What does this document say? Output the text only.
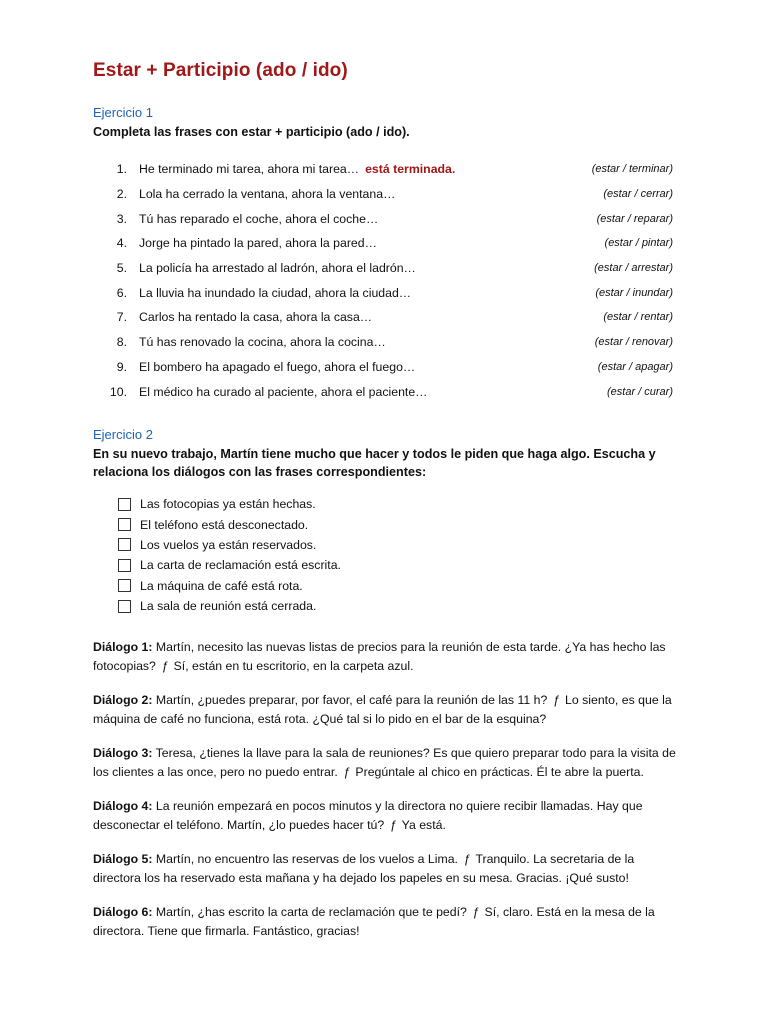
Estar + Participio (ado / ido)
Ejercicio 1
Completa las frases con estar + participio (ado / ido).
1. He terminado mi tarea, ahora mi tarea… está terminada.	(estar / terminar)
2. Lola ha cerrado la ventana, ahora la ventana…	(estar / cerrar)
3. Tú has reparado el coche, ahora el coche…	(estar / reparar)
4. Jorge ha pintado la pared, ahora la pared…	(estar / pintar)
5. La policía ha arrestado al ladrón, ahora el ladrón…	(estar / arrestar)
6. La lluvia ha inundado la ciudad, ahora la ciudad…	(estar / inundar)
7. Carlos ha rentado la casa, ahora la casa…	(estar / rentar)
8. Tú has renovado la cocina, ahora la cocina…	(estar / renovar)
9. El bombero ha apagado el fuego, ahora el fuego…	(estar / apagar)
10. El médico ha curado al paciente, ahora el paciente…	(estar / curar)
Ejercicio 2
En su nuevo trabajo, Martín tiene mucho que hacer y todos le piden que haga algo. Escucha y relaciona los diálogos con las frases correspondientes:
Las fotocopias ya están hechas.
El teléfono está desconectado.
Los vuelos ya están reservados.
La carta de reclamación está escrita.
La máquina de café está rota.
La sala de reunión está cerrada.
Diálogo 1: Martín, necesito las nuevas listas de precios para la reunión de esta tarde. ¿Ya has hecho las fotocopias? ƒ Sí, están en tu escritorio, en la carpeta azul.
Diálogo 2: Martín, ¿puedes preparar, por favor, el café para la reunión de las 11 h? ƒ Lo siento, es que la máquina de café no funciona, está rota. ¿Qué tal si lo pido en el bar de la esquina?
Diálogo 3: Teresa, ¿tienes la llave para la sala de reuniones? Es que quiero preparar todo para la visita de los clientes a las once, pero no puedo entrar. ƒ Pregúntale al chico en prácticas. Él te abre la puerta.
Diálogo 4: La reunión empezará en pocos minutos y la directora no quiere recibir llamadas. Hay que desconectar el teléfono. Martín, ¿lo puedes hacer tú? ƒ Ya está.
Diálogo 5: Martín, no encuentro las reservas de los vuelos a Lima. ƒ Tranquilo. La secretaria de la directora los ha reservado esta mañana y ha dejado los papeles en su mesa. Gracias. ¡Qué susto!
Diálogo 6: Martín, ¿has escrito la carta de reclamación que te pedí? ƒ Sí, claro. Está en la mesa de la directora. Tiene que firmarla. Fantástico, gracias!
